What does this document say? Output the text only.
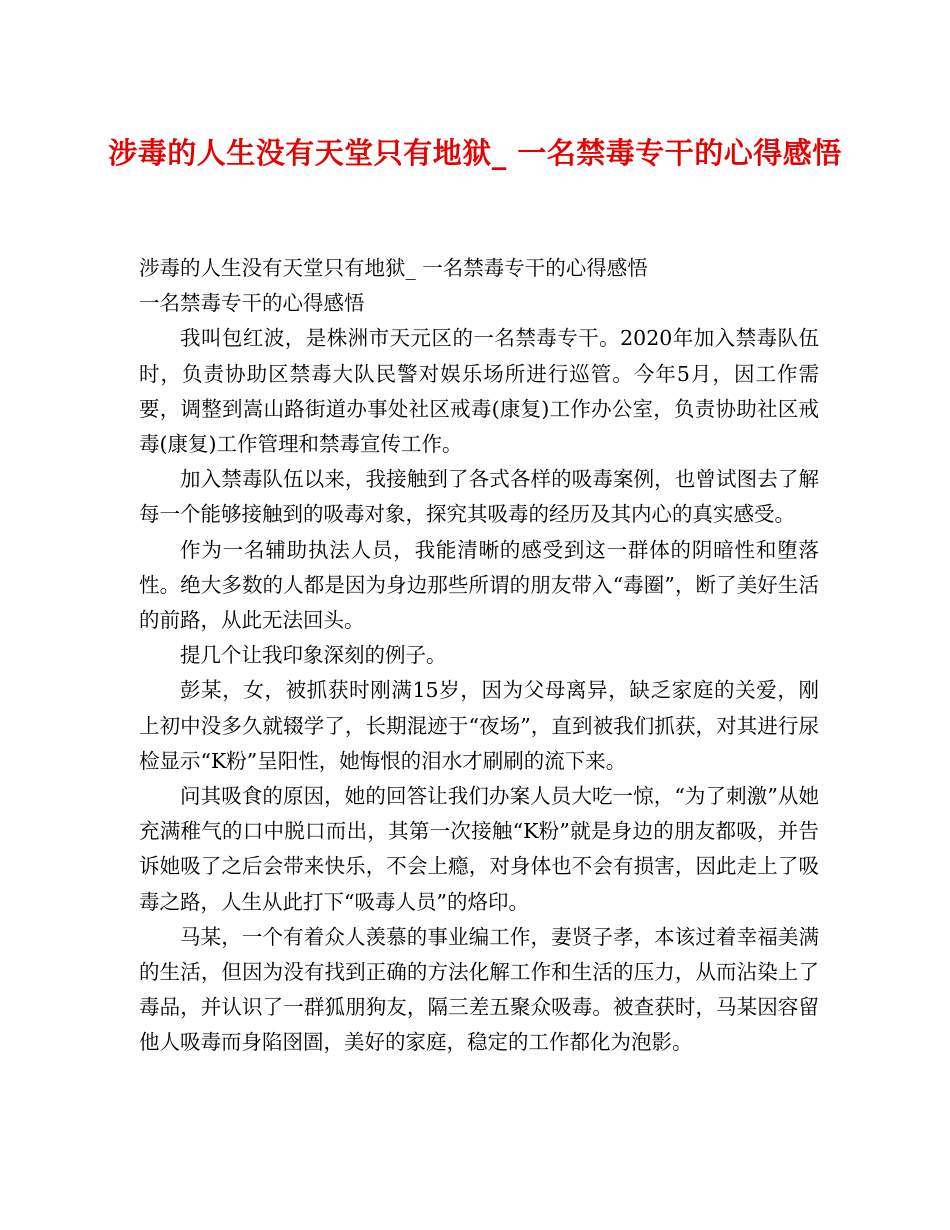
涉毒的人生没有天堂只有地狱_ 一名禁毒专干的心得感悟

涉毒的人生没有天堂只有地狱_ 一名禁毒专干的心得感悟

一名禁毒专干的心得感悟

我叫包红波，是株洲市天元区的一名禁毒专干。2020年加入禁毒队伍时，负责协助区禁毒大队民警对娱乐场所进行巡管。今年5月，因工作需要，调整到嵩山路街道办事处社区戒毒(康复)工作办公室，负责协助社区戒毒(康复)工作管理和禁毒宣传工作。

加入禁毒队伍以来，我接触到了各式各样的吸毒案例，也曾试图去了解每一个能够接触到的吸毒对象，探究其吸毒的经历及其内心的真实感受。

作为一名辅助执法人员，我能清晰的感受到这一群体的阴暗性和堕落性。绝大多数的人都是因为身边那些所谓的朋友带入“毒圈”，断了美好生活的前路，从此无法回头。

提几个让我印象深刻的例子。

彭某，女，被抓获时刚满15岁，因为父母离异，缺乏家庭的关爱，刚上初中没多久就辍学了，长期混迹于“夜场”，直到被我们抓获，对其进行尿检显示“K粉”呈阳性，她悔恨的泪水才刷刷的流下来。

问其吸食的原因，她的回答让我们办案人员大吃一惊，“为了刺激”从她充满稚气的口中脱口而出，其第一次接触“K粉”就是身边的朋友都吸，并告诉她吸了之后会带来快乐，不会上瘾，对身体也不会有损害，因此走上了吸毒之路，人生从此打下“吸毒人员”的烙印。

马某，一个有着众人羡慕的事业编工作，妻贤子孝，本该过着幸福美满的生活，但因为没有找到正确的方法化解工作和生活的压力，从而沾染上了毒品，并认识了一群狐朋狗友，隔三差五聚众吸毒。被查获时，马某因容留他人吸毒而身陷囹圄，美好的家庭，稳定的工作都化为泡影。
